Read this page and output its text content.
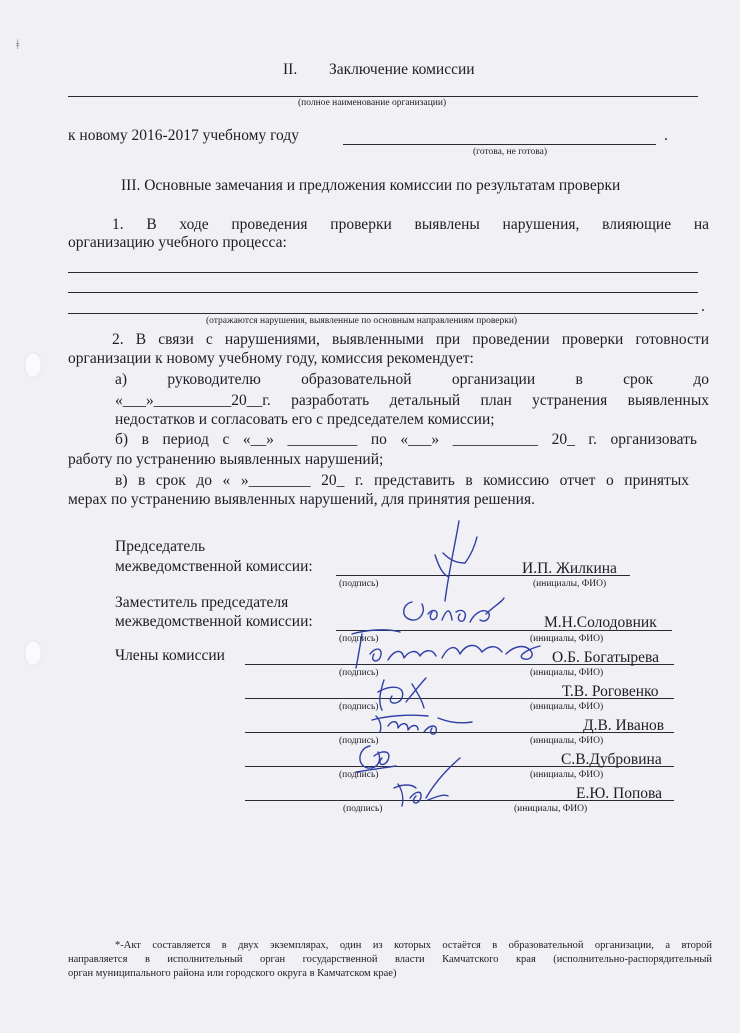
ǂ
II. Заключение комиссии
(полное наименование организации)
к новому 2016-2017 учебному году	.
(готова, не готова)
III. Основные замечания и предложения комиссии по результатам проверки
1. В ходе проведения проверки выявлены нарушения, влияющие на
организацию учебного процесса:
.
(отражаются нарушения, выявленные по основным направлениям проверки)
2. В связи с нарушениями, выявленными при проведении проверки готовности
организации к новому учебному году, комиссия рекомендует:
а) руководителю образовательной организации в срок до
«___»__________20__г. разработать детальный план устранения выявленных
недостатков и согласовать его с председателем комиссии;
б) в период с «__» _________ по «___» ___________ 20_ г. организовать
работу по устранению выявленных нарушений;
в) в срок до « »________ 20_ г. представить в комиссию отчет о принятых
мерах по устранению выявленных нарушений, для принятия решения.
Председатель
межведомственной комиссии:	И.П. Жилкина
(подпись)	(инициалы, ФИО)
Заместитель председателя
межведомственной комиссии:	М.Н.Солодовник
(подпись)	(инициалы, ФИО)
Члены комиссии	О.Б. Богатырева
(подпись)	(инициалы, ФИО)
Т.В. Роговенко
(подпись)	(инициалы, ФИО)
Д.В. Иванов
(подпись)	(инициалы, ФИО)
С.В.Дубровина
(подпись)	(инициалы, ФИО)
Е.Ю. Попова
(подпись)	(инициалы, ФИО)
*-Акт составляется в двух экземплярах, один из которых остаётся в образовательной организации, а второй
направляется в исполнительный орган государственной власти Камчатского края (исполнительно-распорядительный
орган муниципального района или городского округа в Камчатском крае)
